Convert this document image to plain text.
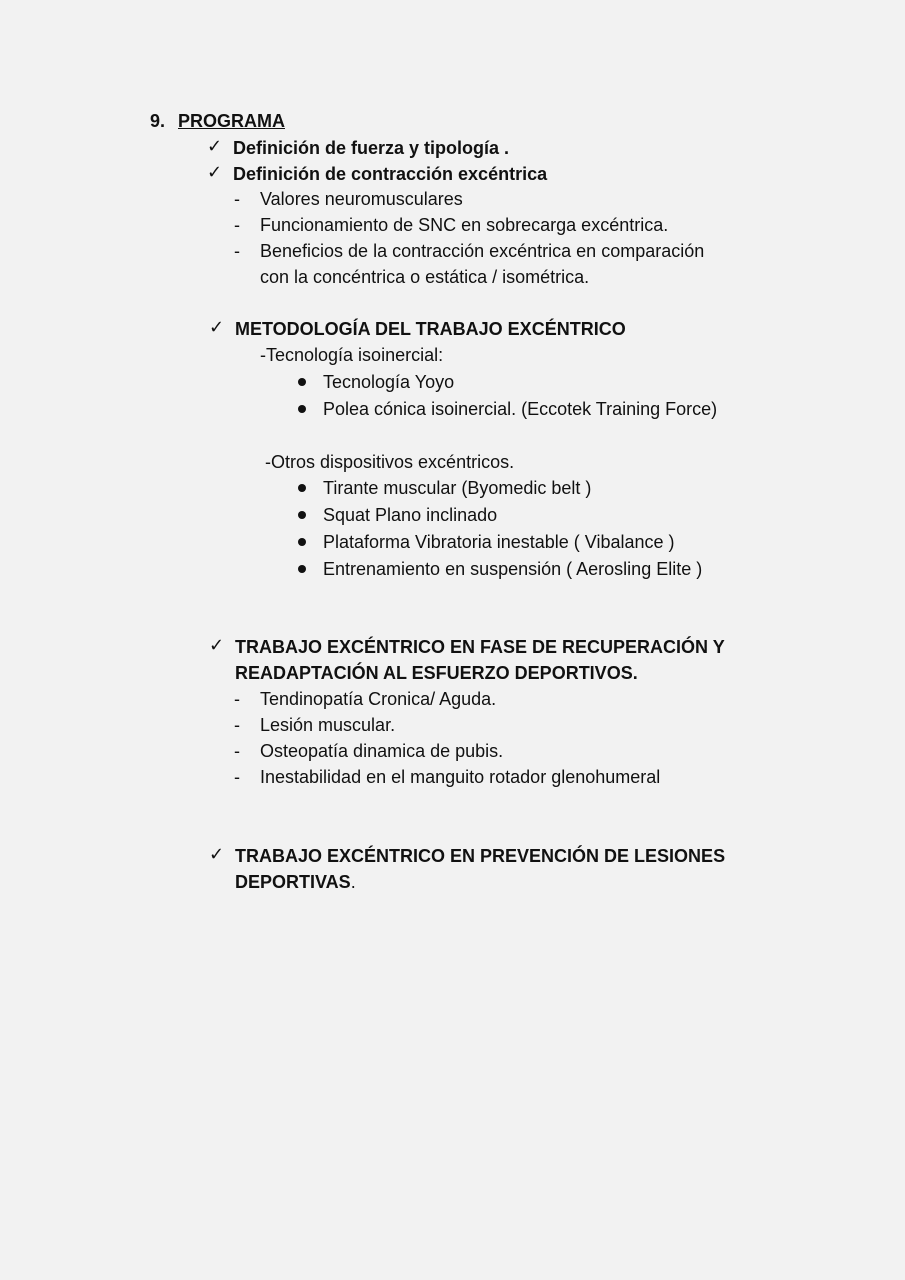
9. PROGRAMA
✓ Definición de fuerza y tipología .
✓ Definición de contracción excéntrica
- Valores neuromusculares
- Funcionamiento de SNC en sobrecarga excéntrica.
- Beneficios de la contracción excéntrica en comparación
con la concéntrica o estática / isométrica.
✓ METODOLOGÍA DEL TRABAJO EXCÉNTRICO
-Tecnología isoinercial:
Tecnología Yoyo
Polea cónica isoinercial. (Eccotek Training Force)
-Otros dispositivos excéntricos.
Tirante muscular (Byomedic belt )
Squat Plano inclinado
Plataforma Vibratoria inestable ( Vibalance )
Entrenamiento en suspensión ( Aerosling Elite )
✓ TRABAJO EXCÉNTRICO EN FASE DE RECUPERACIÓN Y
READAPTACIÓN AL ESFUERZO DEPORTIVOS.
- Tendinopatía Cronica/ Aguda.
- Lesión muscular.
- Osteopatía dinamica de pubis.
- Inestabilidad en el manguito rotador glenohumeral
✓ TRABAJO EXCÉNTRICO EN PREVENCIÓN DE LESIONES
DEPORTIVAS.
